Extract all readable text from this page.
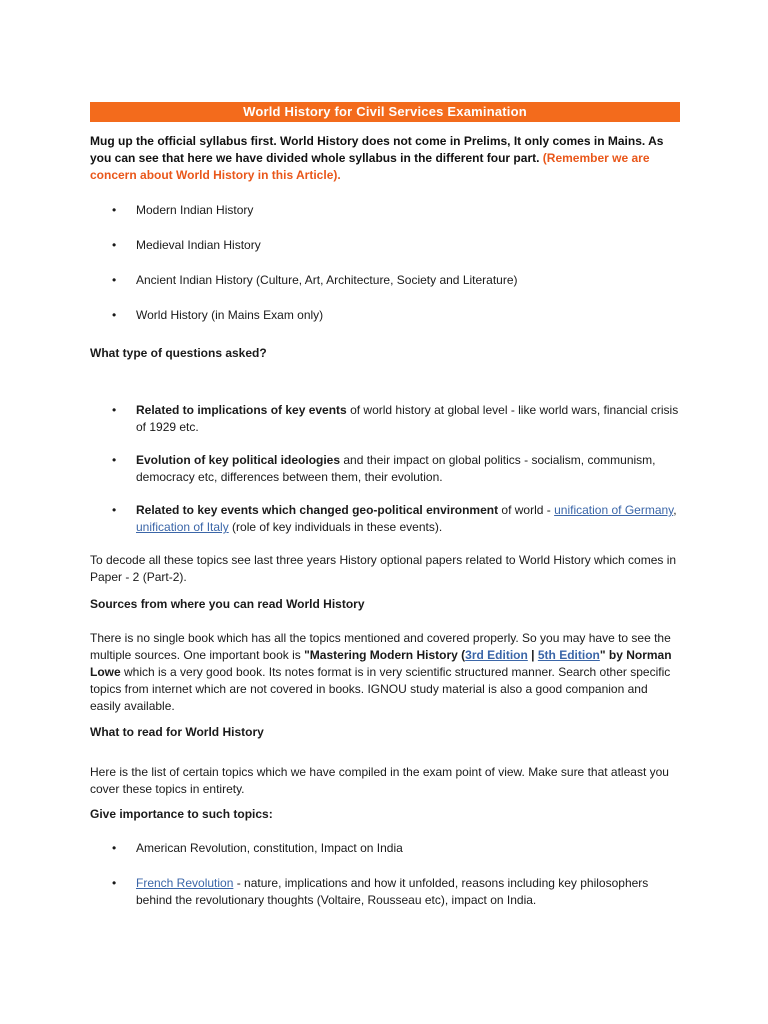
World History for Civil Services Examination

Mug up the official syllabus first. World History does not come in Prelims, It only comes in Mains. As you can see that here we have divided whole syllabus in the different four part. (Remember we are concern about World History in this Article).

• Modern Indian History
• Medieval Indian History
• Ancient Indian History (Culture, Art, Architecture, Society and Literature)
• World History (in Mains Exam only)

What type of questions asked?

• Related to implications of key events of world history at global level - like world wars, financial crisis of 1929 etc.
• Evolution of key political ideologies and their impact on global politics - socialism, communism, democracy etc, differences between them, their evolution.
• Related to key events which changed geo-political environment of world - unification of Germany, unification of Italy (role of key individuals in these events).

To decode all these topics see last three years History optional papers related to World History which comes in Paper - 2 (Part-2).

Sources from where you can read World History

There is no single book which has all the topics mentioned and covered properly. So you may have to see the multiple sources. One important book is "Mastering Modern History (3rd Edition | 5th Edition" by Norman Lowe which is a very good book. Its notes format is in very scientific structured manner. Search other specific topics from internet which are not covered in books. IGNOU study material is also a good companion and easily available.

What to read for World History

Here is the list of certain topics which we have compiled in the exam point of view. Make sure that atleast you cover these topics in entirety.

Give importance to such topics:

• American Revolution, constitution, Impact on India
• French Revolution - nature, implications and how it unfolded, reasons including key philosophers behind the revolutionary thoughts (Voltaire, Rousseau etc), impact on India.
